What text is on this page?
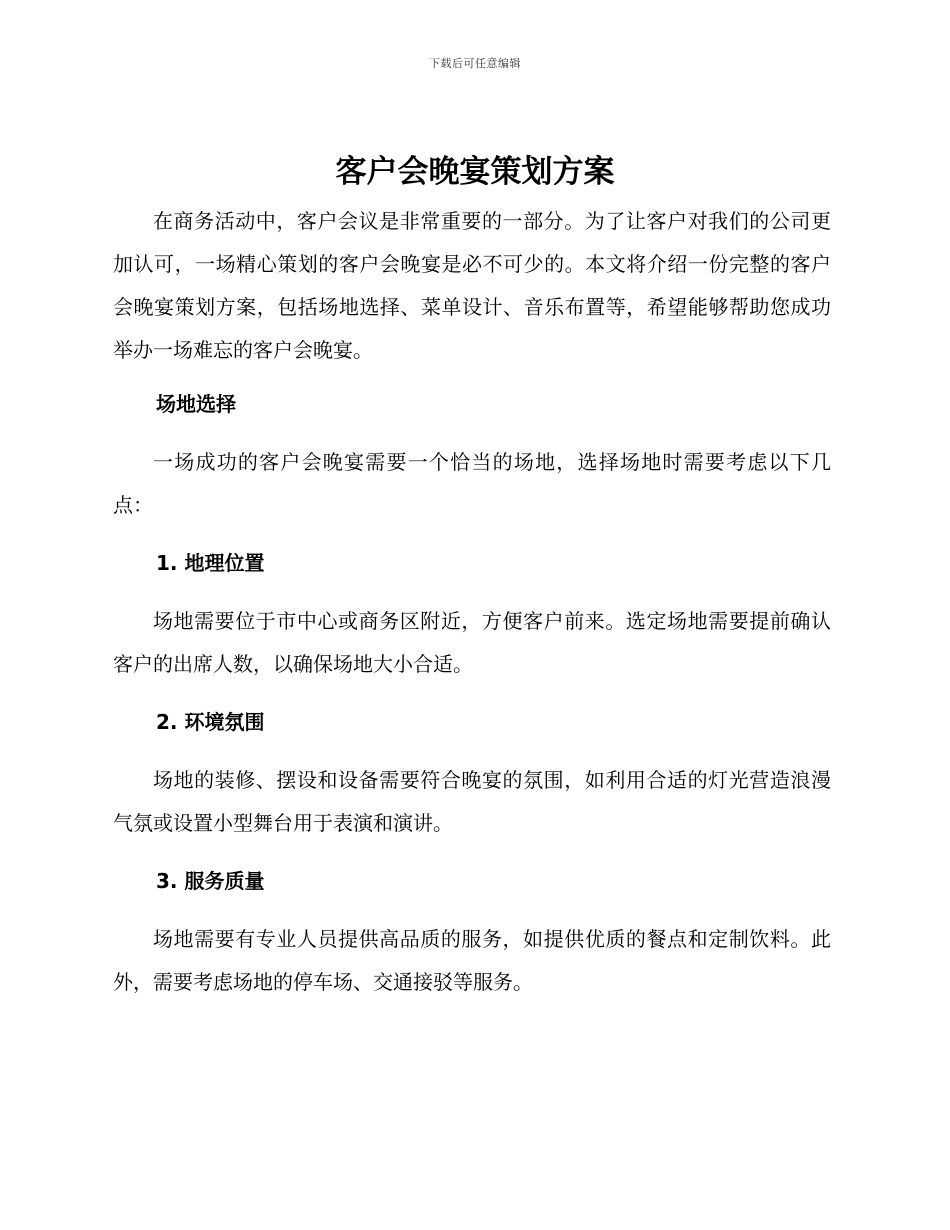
下载后可任意编辑
客户会晚宴策划方案

在商务活动中，客户会议是非常重要的一部分。为了让客户对我们的公司更加认可，一场精心策划的客户会晚宴是必不可少的。本文将介绍一份完整的客户会晚宴策划方案，包括场地选择、菜单设计、音乐布置等，希望能够帮助您成功举办一场难忘的客户会晚宴。

场地选择

一场成功的客户会晚宴需要一个恰当的场地，选择场地时需要考虑以下几点：

1. 地理位置

场地需要位于市中心或商务区附近，方便客户前来。选定场地需要提前确认客户的出席人数，以确保场地大小合适。

2. 环境氛围

场地的装修、摆设和设备需要符合晚宴的氛围，如利用合适的灯光营造浪漫气氛或设置小型舞台用于表演和演讲。

3. 服务质量

场地需要有专业人员提供高品质的服务，如提供优质的餐点和定制饮料。此外，需要考虑场地的停车场、交通接驳等服务。
